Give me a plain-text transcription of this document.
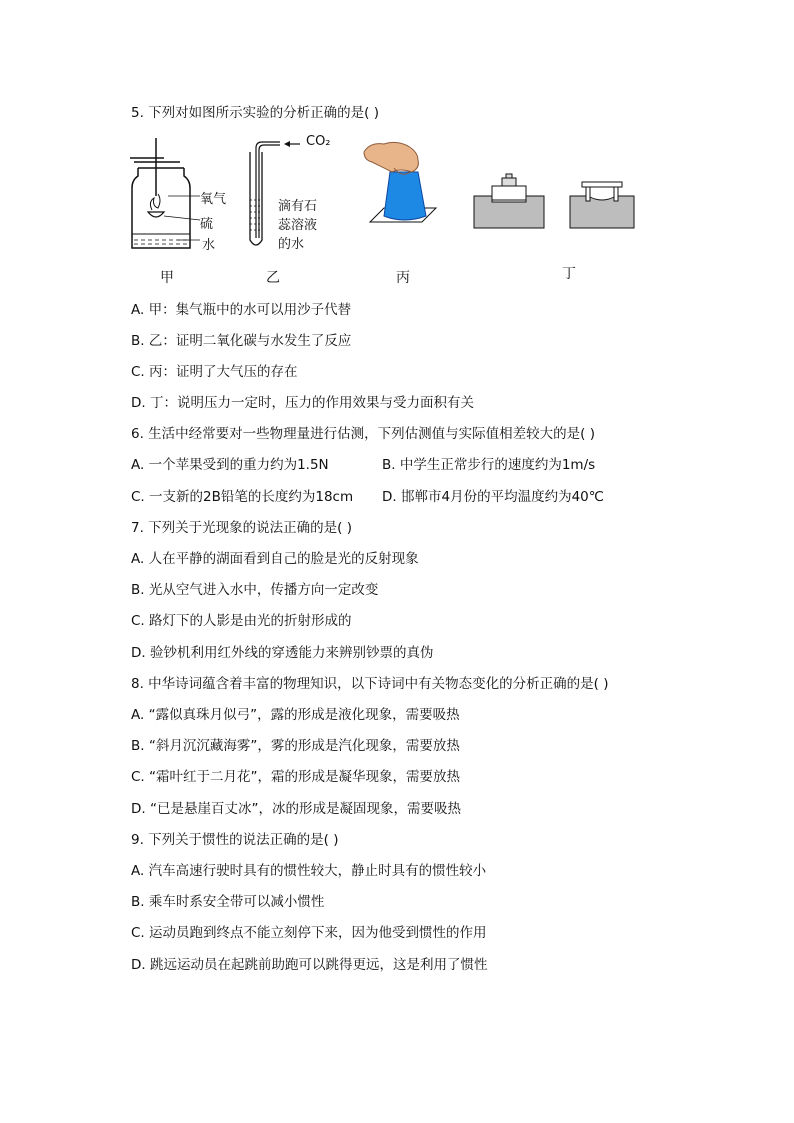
5. 下列对如图所示实验的分析正确的是( )
氧气
硫
水
甲
CO₂
滴有石
蕊溶液
的水
乙	丙	丁
A. 甲：集气瓶中的水可以用沙子代替
B. 乙：证明二氧化碳与水发生了反应
C. 丙：证明了大气压的存在
D. 丁：说明压力一定时，压力的作用效果与受力面积有关
6. 生活中经常要对一些物理量进行估测，下列估测值与实际值相差较大的是( )
A. 一个苹果受到的重力约为1.5N	B. 中学生正常步行的速度约为1m/s
C. 一支新的2B铅笔的长度约为18cm D. 邯郸市4月份的平均温度约为40℃
7. 下列关于光现象的说法正确的是( )
A. 人在平静的湖面看到自己的脸是光的反射现象
B. 光从空气进入水中，传播方向一定改变
C. 路灯下的人影是由光的折射形成的
D. 验钞机利用红外线的穿透能力来辨别钞票的真伪
8. 中华诗词蕴含着丰富的物理知识，以下诗词中有关物态变化的分析正确的是( )
A. “露似真珠月似弓”，露的形成是液化现象，需要吸热
B. “斜月沉沉藏海雾”，雾的形成是汽化现象，需要放热
C. “霜叶红于二月花”，霜的形成是凝华现象，需要放热
D. “已是悬崖百丈冰”，冰的形成是凝固现象，需要吸热
9. 下列关于惯性的说法正确的是( )
A. 汽车高速行驶时具有的惯性较大，静止时具有的惯性较小
B. 乘车时系安全带可以减小惯性
C. 运动员跑到终点不能立刻停下来，因为他受到惯性的作用
D. 跳远运动员在起跳前助跑可以跳得更远，这是利用了惯性
